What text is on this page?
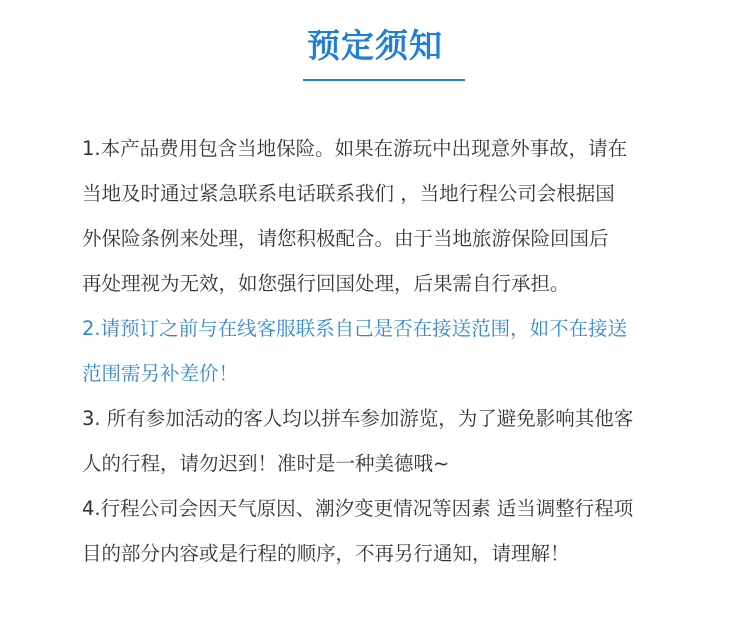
预定须知
1.本产品费用包含当地保险。如果在游玩中出现意外事故，请在
当地及时通过紧急联系电话联系我们 ，当地行程公司会根据国
外保险条例来处理，请您积极配合。由于当地旅游保险回国后
再处理视为无效，如您强行回国处理，后果需自行承担。
2.请预订之前与在线客服联系自己是否在接送范围，如不在接送
范围需另补差价！
3. 所有参加活动的客人均以拼车参加游览，为了避免影响其他客
人的行程，请勿迟到！准时是一种美德哦~
4.行程公司会因天气原因、潮汐变更情况等因素 适当调整行程项
目的部分内容或是行程的顺序，不再另行通知，请理解！
